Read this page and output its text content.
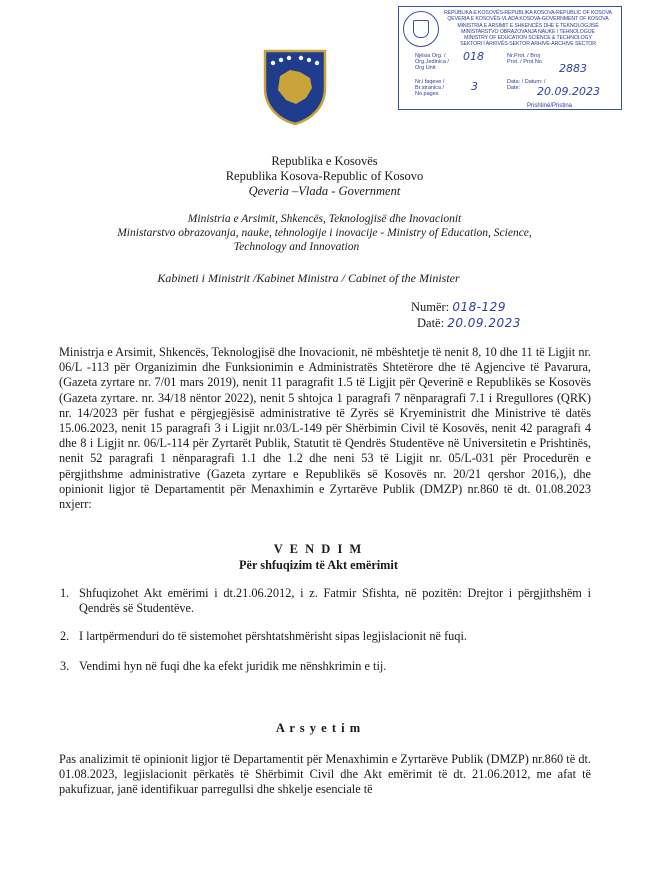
REPUBLIKA E KOSOVËS-REPUBLIKA KOSOVA-REPUBLIC OF KOSOVA
QEVERIA E KOSOVËS-VLADA KOSOVA-GOVERNMENT OF KOSOVA
MINISTRIA E ARSIMIT E SHKENCËS DHE E TEKNOLOGJISË
MINISTARSTVO OBRAZOVANJA NAUKE I TEHNOLOGIJE
MINISTRY OF EDUCATION SCIENCE & TECHNOLOGY
SEKTORI I ARKIVËS-SEKTOR ARHIVE-ARCHIVE SECTOR
Njësia Org. / Org.Jedinica / Org Unit
018	Nr.Prot. / Broj Prot. / Prot.No	2883
Nr.i faqeve / Br.stranica / No.pages
3	Data: / Datum: / Date:	20.09.2023
Prishtinë/Pristina
Republika e Kosovës
Republika Kosova-Republic of Kosovo
Qeveria –Vlada - Government
Ministria e Arsimit, Shkencës, Teknologjisë dhe Inovacionit
Ministarstvo obrazovanja, nauke, tehnologije i inovacije - Ministry of Education, Science,
Technology and Innovation
Kabineti i Ministrit /Kabinet Ministra / Cabinet of the Minister
Numër: 018-129
Datë: 20.09.2023
Ministrja e Arsimit, Shkencës, Teknologjisë dhe Inovacionit, në mbështetje të nenit 8, 10 dhe 11 të Ligjit nr. 06/L -113 për Organizimin dhe Funksionimin e Administratës Shtetërore dhe të Agjencive të Pavarura, (Gazeta zyrtare nr. 7/01 mars 2019), nenit 11 paragrafit 1.5 të Ligjit për Qeverinë e Republikës se Kosovës (Gazeta zyrtare. nr. 34/18 nëntor 2022), nenit 5 shtojca 1 paragrafi 7 nënparagrafi 7.1 i Rregullores (QRK) nr. 14/2023 për fushat e përgjegjësisë administrative të Zyrës së Kryeministrit dhe Ministrive të datës 15.06.2023, nenit 15 paragrafi 3 i Ligjit nr.03/L-149 për Shërbimin Civil të Kosovës, nenit 42 paragrafi 4 dhe 8 i Ligjit nr. 06/L-114 për Zyrtarët Publik, Statutit të Qendrës Studentëve në Universitetin e Prishtinës, nenit 52 paragrafi 1 nënparagrafi 1.1 dhe 1.2 dhe neni 53 të Ligjit nr. 05/L-031 për Procedurën e përgjithshme administrative (Gazeta zyrtare e Republikës së Kosovës nr. 20/21 qershor 2016,), dhe opinionit ligjor të Departamentit për Menaxhimin e Zyrtarëve Publik (DMZP) nr.860 të dt. 01.08.2023 nxjerr:
V E N D I M
Për shfuqizim të Akt emërimit
1. Shfuqizohet Akt emërimi i dt.21.06.2012, i z. Fatmir Sfishta, në pozitën: Drejtor i përgjithshëm i Qendrës së Studentëve.
2. I lartpërmenduri do të sistemohet përshtatshmërisht sipas legjislacionit në fuqi.
3. Vendimi hyn në fuqi dhe ka efekt juridik me nënshkrimin e tij.
A r s y e t i m
Pas analizimit të opinionit ligjor të Departamentit për Menaxhimin e Zyrtarëve Publik (DMZP) nr.860 të dt. 01.08.2023, legjislacionit përkatës të Shërbimit Civil dhe Akt emërimit të dt. 21.06.2012, me afat të pakufizuar, janë identifikuar parregullsi dhe shkelje esenciale të
